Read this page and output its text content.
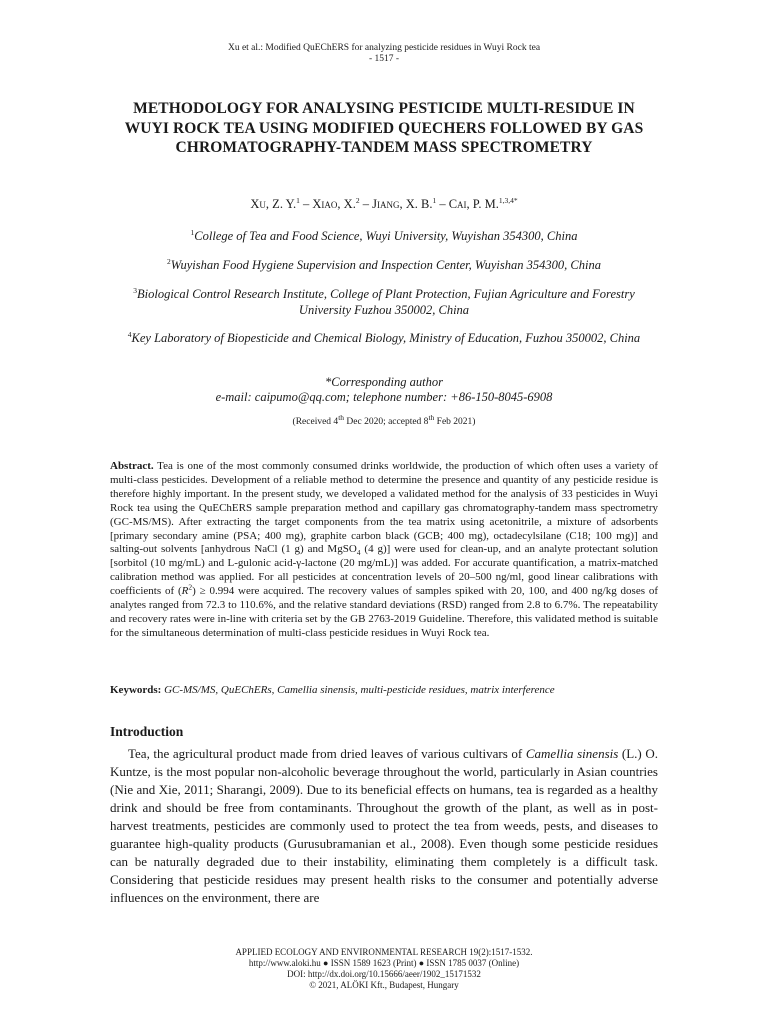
Xu et al.: Modified QuEChERS for analyzing pesticide residues in Wuyi Rock tea
- 1517 -
METHODOLOGY FOR ANALYSING PESTICIDE MULTI-RESIDUE IN WUYI ROCK TEA USING MODIFIED QUECHERS FOLLOWED BY GAS CHROMATOGRAPHY-TANDEM MASS SPECTROMETRY
Xu, Z. Y.$^1$ – Xiao, X.$^2$ – Jiang, X. B.$^1$ – Cai, P. M.$^{1,3,4*}$
$^1$College of Tea and Food Science, Wuyi University, Wuyishan 354300, China
$^2$Wuyishan Food Hygiene Supervision and Inspection Center, Wuyishan 354300, China
$^3$Biological Control Research Institute, College of Plant Protection, Fujian Agriculture and Forestry University Fuzhou 350002, China
$^4$Key Laboratory of Biopesticide and Chemical Biology, Ministry of Education, Fuzhou 350002, China
*Corresponding author
e-mail: caipumo@qq.com; telephone number: +86-150-8045-6908
(Received 4th Dec 2020; accepted 8th Feb 2021)

Abstract. Tea is one of the most commonly consumed drinks worldwide, the production of which often uses a variety of multi-class pesticides. Development of a reliable method to determine the presence and quantity of any pesticide residue is therefore highly important. In the present study, we developed a validated method for the analysis of 33 pesticides in Wuyi Rock tea using the QuEChERS sample preparation method and capillary gas chromatography-tandem mass spectrometry (GC-MS/MS). After extracting the target components from the tea matrix using acetonitrile, a mixture of adsorbents [primary secondary amine (PSA; 400 mg), graphite carbon black (GCB; 400 mg), octadecylsilane (C18; 100 mg)] and salting-out solvents [anhydrous NaCl (1 g) and MgSO$_4$ (4 g)] were used for clean-up, and an analyte protectant solution [sorbitol (10 mg/mL) and L-gulonic acid-γ-lactone (20 mg/mL)] was added. For accurate quantification, a matrix-matched calibration method was applied. For all pesticides at concentration levels of 20–500 ng/ml, good linear calibrations with coefficients of $(R^2) \ge 0.994$ were acquired. The recovery values of samples spiked with 20, 100, and 400 ng/kg doses of analytes ranged from 72.3 to 110.6%, and the relative standard deviations (RSD) ranged from 2.8 to 6.7%. The repeatability and recovery rates were in-line with criteria set by the GB 2763-2019 Guideline. Therefore, this validated method is suitable for the simultaneous determination of multi-class pesticide residues in Wuyi Rock tea.

Keywords: GC-MS/MS, QuEChERs, Camellia sinensis, multi-pesticide residues, matrix interference
Introduction

Tea, the agricultural product made from dried leaves of various cultivars of Camellia sinensis (L.) O. Kuntze, is the most popular non-alcoholic beverage throughout the world, particularly in Asian countries (Nie and Xie, 2011; Sharangi, 2009). Due to its beneficial effects on humans, tea is regarded as a healthy drink and should be free from contaminants. Throughout the growth of the plant, as well as in post-harvest treatments, pesticides are commonly used to protect the tea from weeds, pests, and diseases to guarantee high-quality products (Gurusubramanian et al., 2008). Even though some pesticide residues can be naturally degraded due to their instability, eliminating them completely is a difficult task. Considering that pesticide residues may present health risks to the consumer and potentially adverse influences on the environment, there are

APPLIED ECOLOGY AND ENVIRONMENTAL RESEARCH 19(2):1517-1532.
http://www.aloki.hu ● ISSN 1589 1623 (Print) ● ISSN 1785 0037 (Online)
DOI: http://dx.doi.org/10.15666/aeer/1902_15171532
© 2021, ALÖKI Kft., Budapest, Hungary
